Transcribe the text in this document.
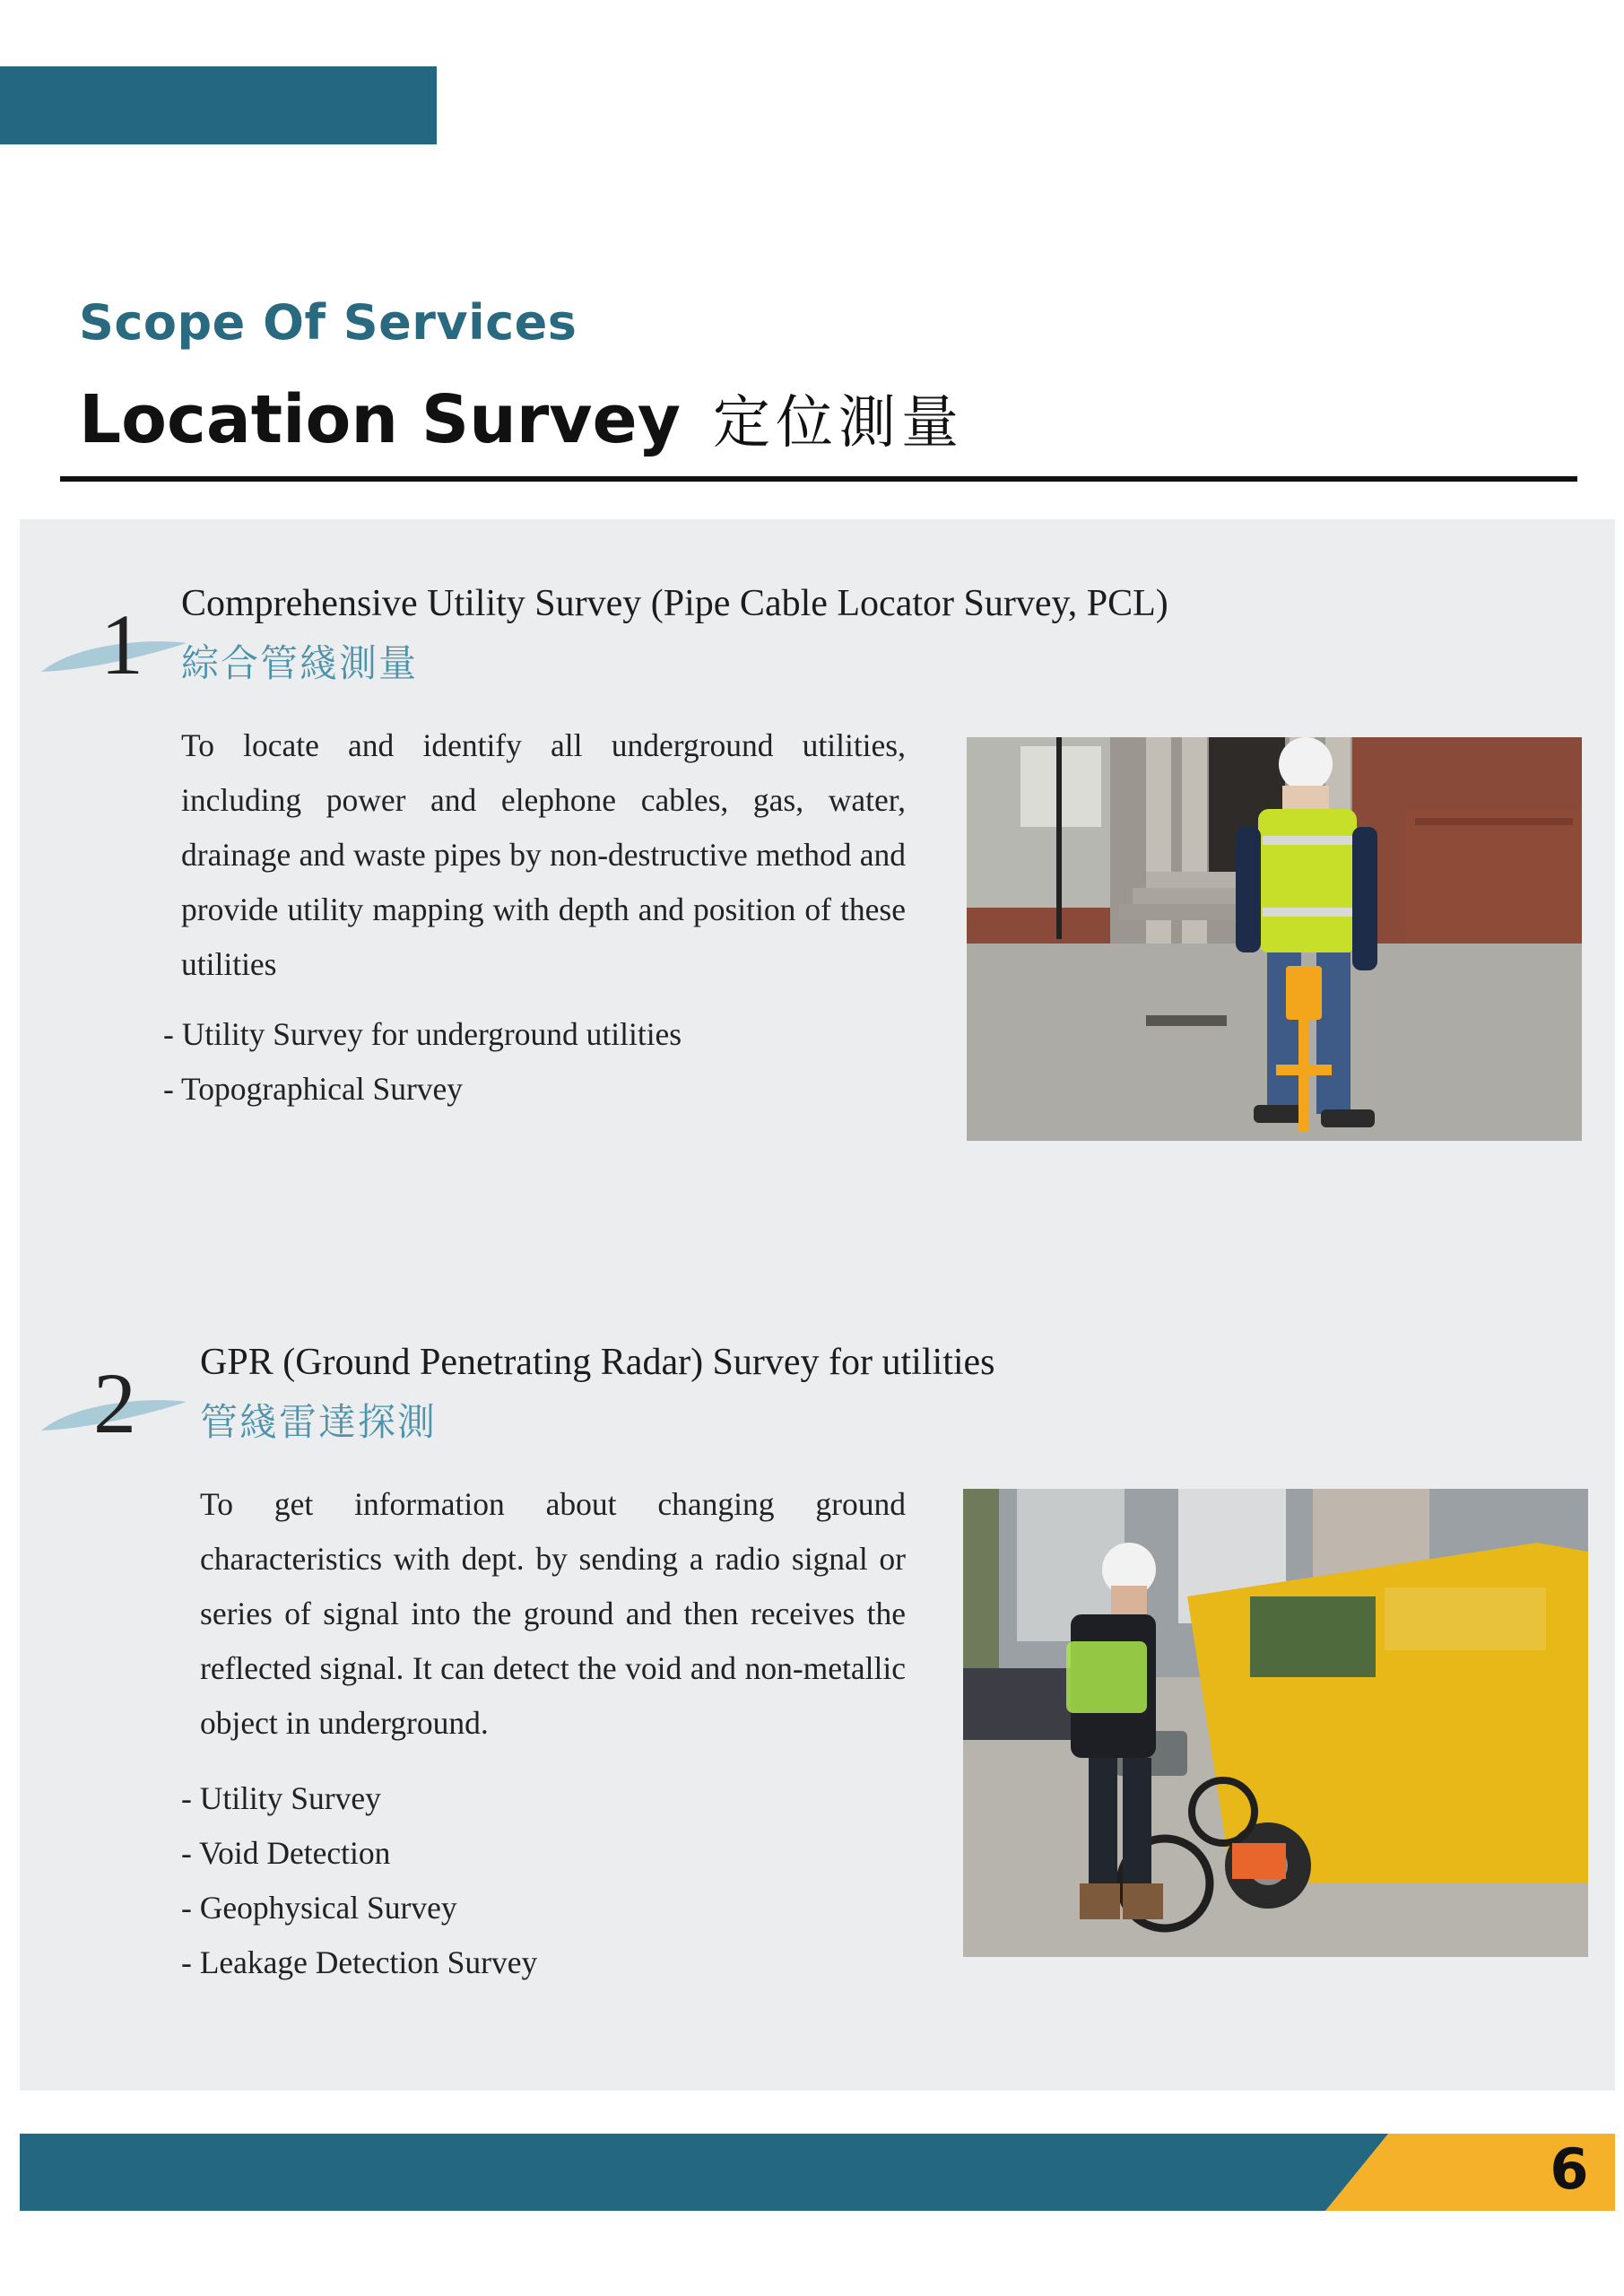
Scope Of Services
Location Survey 定位測量
1 Comprehensive Utility Survey (Pipe Cable Locator Survey, PCL)
綜合管綫測量
To locate and identify all underground utilities, including power and elephone cables, gas, water, drainage and waste pipes by non-destructive method and provide utility mapping with depth and position of these utilities
- Utility Survey for underground utilities
- Topographical Survey
2 GPR (Ground Penetrating Radar) Survey for utilities
管綫雷達探測
To get information about changing ground characteristics with dept. by sending a radio signal or series of signal into the ground and then receives the reflected signal. It can detect the void and non-metallic object in underground.
- Utility Survey
- Void Detection
- Geophysical Survey
- Leakage Detection Survey
6
